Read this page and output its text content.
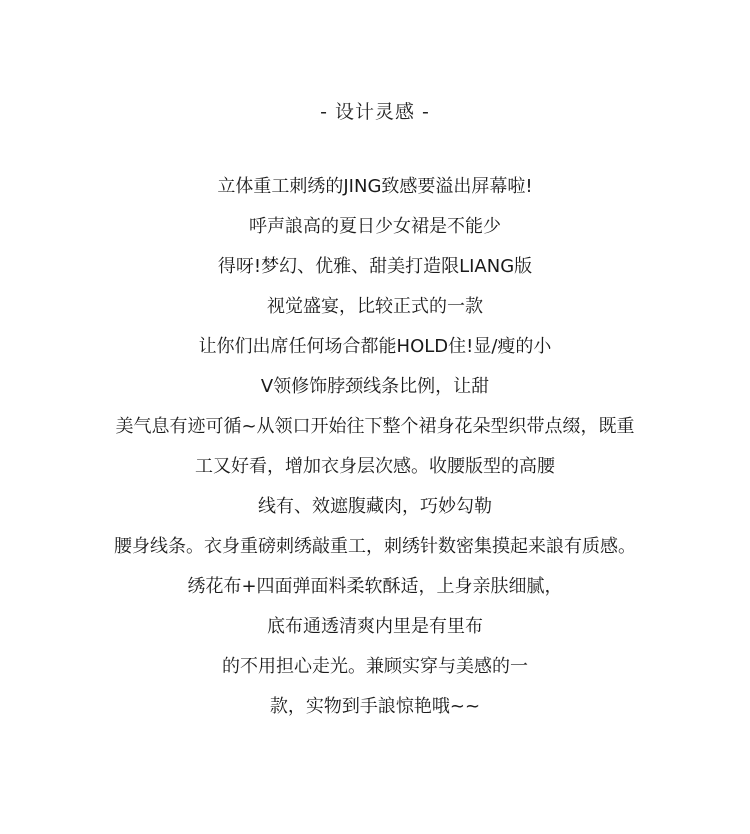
- 设计灵感 -
立体重工刺绣的JING致感要溢出屏幕啦!
呼声誏高的夏日少女裙是不能少
得呀!梦幻、优雅、甜美打造限LIANG版
视觉盛宴，比较正式的一款
让你们出席任何场合都能HOLD住!显/瘦的小
V领修饰脖颈线条比例，让甜
美气息有迹可循~从领口开始往下整个裙身花朵型织带点缀，既重
工又好看，增加衣身层次感。收腰版型的高腰
线有、效遮腹藏肉，巧妙勾勒
腰身线条。衣身重磅刺绣敲重工，刺绣针数密集摸起来誏有质感。
绣花布+四面弹面料柔软酥适，上身亲肤细腻，
底布通透清爽内里是有里布
的不用担心走光。兼顾实穿与美感的一
款，实物到手誏惊艳哦~~
